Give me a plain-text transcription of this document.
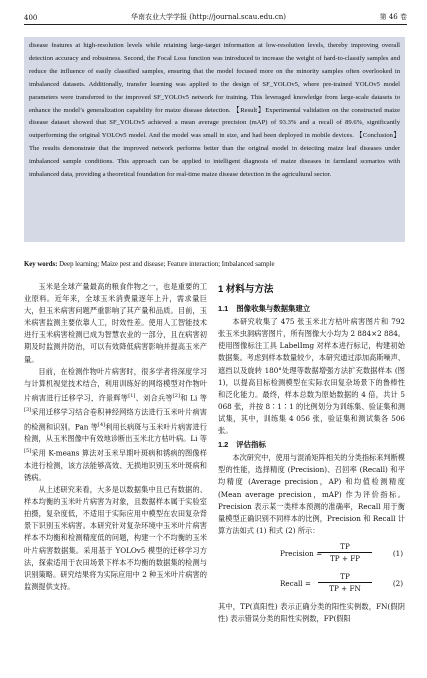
400	华南农业大学学报 (http://journal.scau.edu.cn)	第 46 卷
disease features at high-resolution levels while retaining large-target information at low-resolution levels, thereby improving overall detection accuracy and robustness. Second, the Focal Loss function was introduced to increase the weight of hard-to-classify samples and reduce the influence of easily classified samples, ensuring that the model focused more on the minority samples often overlooked in imbalanced datasets. Additionally, transfer learning was applied to the design of SF_YOLOv5, where pre-trained YOLOv5 model parameters were transferred to the improved SF_YOLOv5 network for training. This leveraged knowledge from large-scale datasets to enhance the model’s generalization capability for maize disease detection. 【Result】Experimental validation on the constructed maize disease dataset showed that SF_YOLOv5 achieved a mean average precision (mAP) of 93.3% and a recall of 89.6%, significantly outperforming the original YOLOv5 model. And the model was small in size, and had been deployed in mobile devices. 【Conclusion】The results demonstrate that the improved network performs better than the original model in detecting maize leaf diseases under imbalanced sample conditions. This approach can be applied to intelligent diagnosis of maize diseases in farmland scenarios with imbalanced data, providing a theoretical foundation for real-time maize disease detection in the agricultural sector.
Key words: Deep learning; Maize pest and disease; Feature interaction; Imbalanced sample

玉米是全球产量最高的粮食作物之一，也是重要的工业原料。近年来，全球玉米消费量逐年上升，需求量巨大，但玉米病害问题严重影响了其产量和品质。目前，玉米病害监测主要依靠人工，时效性差。使用人工智能技术进行玉米病害检测已成为智慧农业的一部分，且在病害初期及时监测并防治，可以有效降低病害影响并提高玉米产量。

目前，在检测作物叶片病害时，很多学者将深度学习与计算机视觉技术结合，利用训练好的网络模型对作物叶片病害进行迁移学习，许景辉等[1]、刘合兵等[2]和 Li 等[3]采用迁移学习结合卷积神经网络方法进行玉米叶片病害的检测和识别。Pan 等[4]利用长病斑与玉米叶片病害进行检测，从玉米图像中有效地诊断出玉米北方枯叶病。Li 等[5]采用 K-means 算法对玉米早期叶斑病和锈病的图像样本进行检测，该方法能够高效、无损地识别玉米叶斑病和锈病。

从上述研究来看，大多是以数据集中且已有数据的、样本均衡的玉米叶片病害为对象，且数据样本属于实验室拍摄，复杂度低，不适用于实际应用中模型在农田复杂背景下识别玉米病害。本研究针对复杂环境中玉米叶片病害样本不均衡和检测精度低的问题，构建一个不均衡的玉米叶片病害数据集。采用基于 YOLOv5 模型的迁移学习方法，探索适用于农田场景下样本不均衡的数据集的检测与识别策略。研究结果将为实际应用中 2 种玉米叶片病害的监测提供支持。

1 材料与方法
1.1 图像收集与数据集建立

本研究收集了 475 张玉米北方枯叶病害图片和 792 张玉米虫洞病害图片，所有图像大小均为 2 884×2 884。使用图像标注工具 LabelImg 对样本进行标记，构建初始数据集。考虑到样本数量较少，本研究通过添加高斯噪声、遮挡以及旋转 180°处理等数据增强方法扩充数据样本 (图 1)，以提高目标检测模型在实际农田复杂场景下的鲁棒性和泛化能力。最终，样本总数为原始数据的 4 倍，共计 5 068 张，并按 8∶1∶1 的比例划分为训练集、验证集和测试集，其中，训练集 4 056 张，验证集和测试集各 506 张。

1.2 评估指标

本次研究中，使用与混淆矩阵相关的分类指标来判断模型的性能，选择精度 (Precision)、召回率 (Recall) 和平均精度 (Average precision，AP) 和均值检测精度 (Mean average precision，mAP) 作为评价指标。Precision 表示某一类样本预测的准确率，Recall 用于衡量模型正确识别不同样本的比例，Precision 和 Recall 计算方法如式 (1) 和式 (2) 所示：

Precision =
$\frac{TP}{TP + FP}$	(1)
Recall = $\frac{TP}{TP + FN}$	(2)

其中，TP(真阳性) 表示正确分类的阳性实例数，FN(假阴性) 表示错误分类的阳性实例数，FP(假阳
